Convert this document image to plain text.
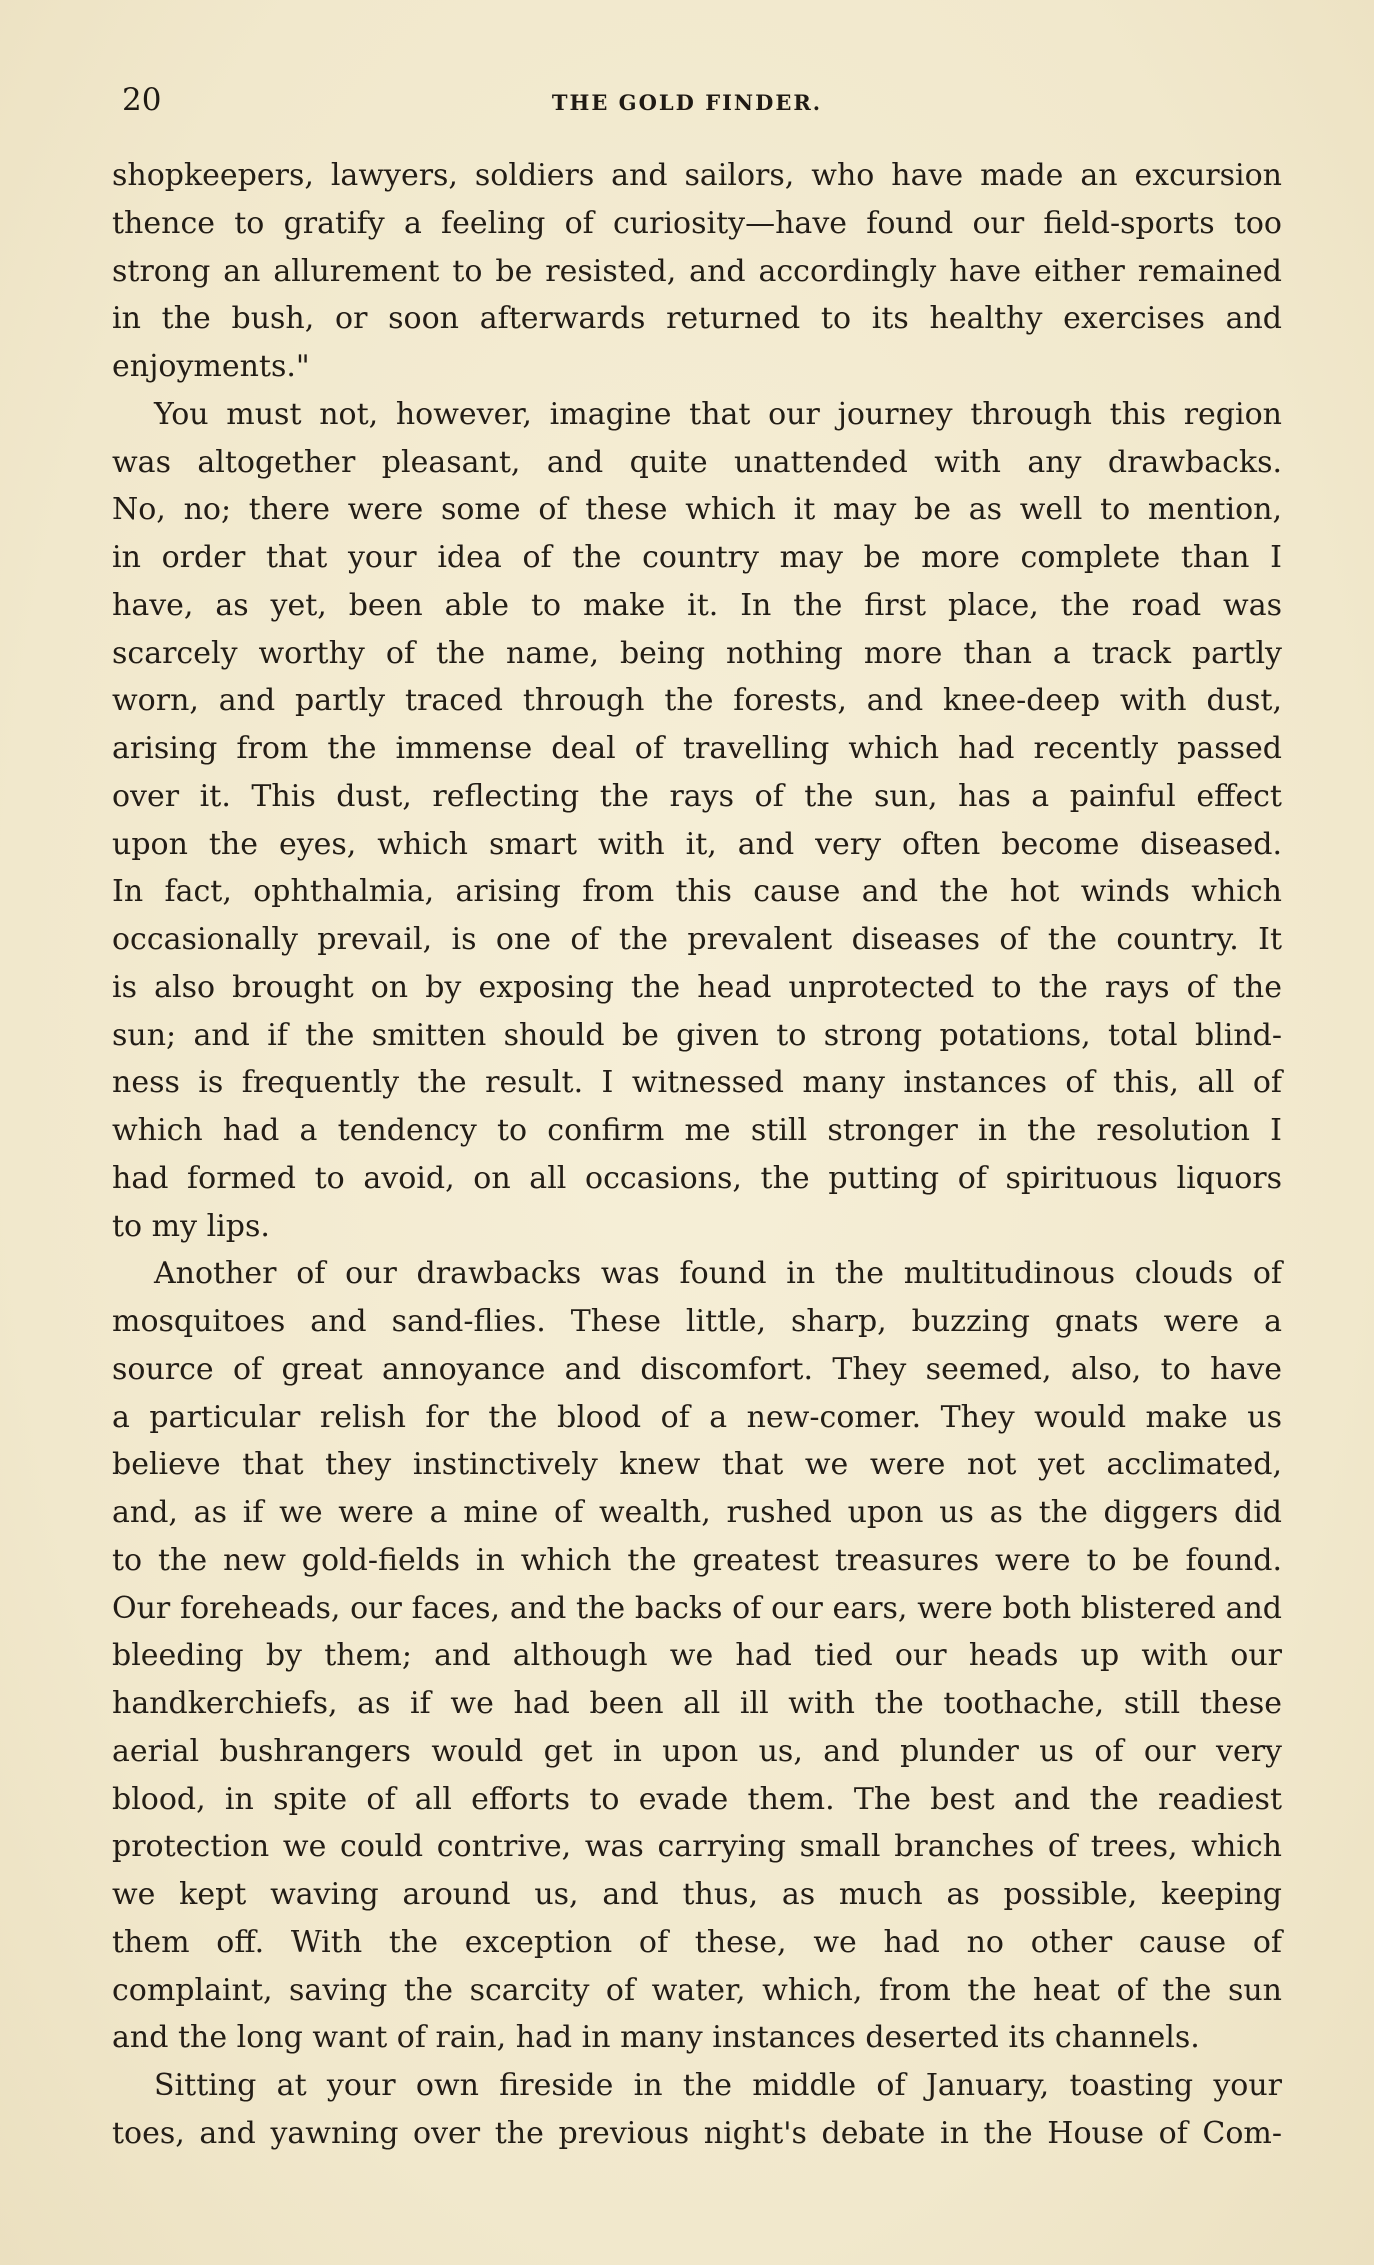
20	THE GOLD FINDER.
shopkeepers, lawyers, soldiers and sailors, who have made an excursion
thence to gratify a feeling of curiosity—have found our field-sports too
strong an allurement to be resisted, and accordingly have either remained
in the bush, or soon afterwards returned to its healthy exercises and
enjoyments."
You must not, however, imagine that our journey through this region
was altogether pleasant, and quite unattended with any drawbacks.
No, no; there were some of these which it may be as well to mention,
in order that your idea of the country may be more complete than I
have, as yet, been able to make it. In the first place, the road was
scarcely worthy of the name, being nothing more than a track partly
worn, and partly traced through the forests, and knee-deep with dust,
arising from the immense deal of travelling which had recently passed
over it. This dust, reflecting the rays of the sun, has a painful effect
upon the eyes, which smart with it, and very often become diseased.
In fact, ophthalmia, arising from this cause and the hot winds which
occasionally prevail, is one of the prevalent diseases of the country. It
is also brought on by exposing the head unprotected to the rays of the
sun; and if the smitten should be given to strong potations, total blind-
ness is frequently the result. I witnessed many instances of this, all of
which had a tendency to confirm me still stronger in the resolution I
had formed to avoid, on all occasions, the putting of spirituous liquors
to my lips.
Another of our drawbacks was found in the multitudinous clouds of
mosquitoes and sand-flies. These little, sharp, buzzing gnats were a
source of great annoyance and discomfort. They seemed, also, to have
a particular relish for the blood of a new-comer. They would make us
believe that they instinctively knew that we were not yet acclimated,
and, as if we were a mine of wealth, rushed upon us as the diggers did
to the new gold-fields in which the greatest treasures were to be found.
Our foreheads, our faces, and the backs of our ears, were both blistered and
bleeding by them; and although we had tied our heads up with our
handkerchiefs, as if we had been all ill with the toothache, still these
aerial bushrangers would get in upon us, and plunder us of our very
blood, in spite of all efforts to evade them. The best and the readiest
protection we could contrive, was carrying small branches of trees, which
we kept waving around us, and thus, as much as possible, keeping
them off. With the exception of these, we had no other cause of
complaint, saving the scarcity of water, which, from the heat of the sun
and the long want of rain, had in many instances deserted its channels.
Sitting at your own fireside in the middle of January, toasting your
toes, and yawning over the previous night's debate in the House of Com-
